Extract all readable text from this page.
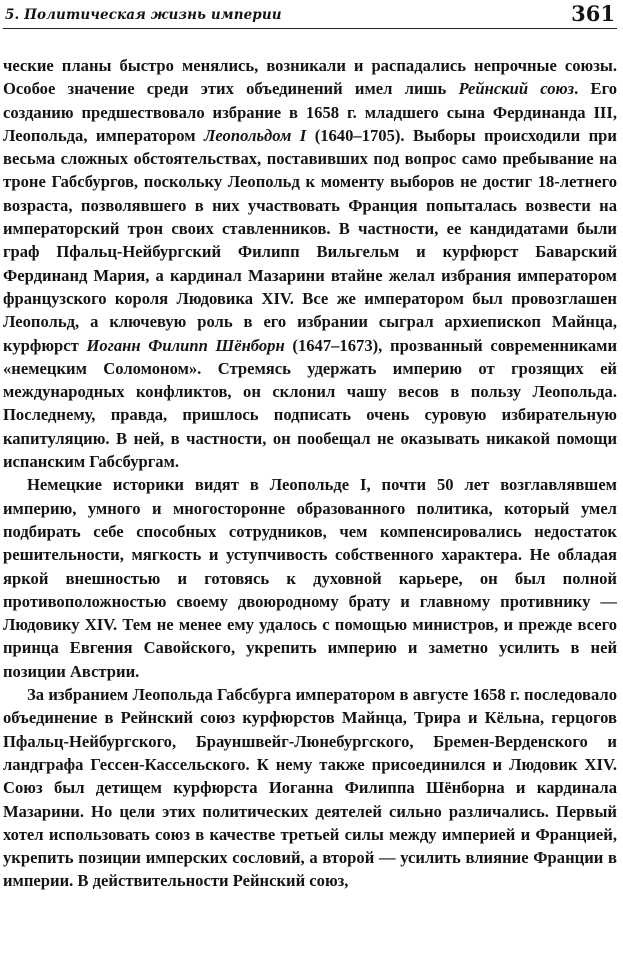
5. Политическая жизнь империи	361

ческие планы быстро менялись, возникали и распадались непрочные союзы. Особое значение среди этих объединений имел лишь Рейнский союз. Его созданию предшествовало избрание в 1658 г. младшего сына Фердинанда III, Леопольда, императором Леопольдом I (1640–1705). Выборы происходили при весьма сложных обстоятельствах, поставивших под вопрос само пребывание на троне Габсбургов, поскольку Леопольд к моменту выборов не достиг 18-летнего возраста, позволявшего в них участвовать Франция попыталась возвести на императорский трон своих ставленников. В частности, ее кандидатами были граф Пфальц-Нейбургский Филипп Вильгельм и курфюрст Баварский Фердинанд Мария, а кардинал Мазарини втайне желал избрания императором французского короля Людовика XIV. Все же императором был провозглашен Леопольд, а ключевую роль в его избрании сыграл архиепископ Майнца, курфюрст Иоганн Филипп Шёнборн (1647–1673), прозванный современниками «немецким Соломоном». Стремясь удержать империю от грозящих ей международных конфликтов, он склонил чашу весов в пользу Леопольда. Последнему, правда, пришлось подписать очень суровую избирательную капитуляцию. В ней, в частности, он пообещал не оказывать никакой помощи испанским Габсбургам.

Немецкие историки видят в Леопольде I, почти 50 лет возглавлявшем империю, умного и многосторонне образованного политика, который умел подбирать себе способных сотрудников, чем компенсировались недостаток решительности, мягкость и уступчивость собственного характера. Не обладая яркой внешностью и готовясь к духовной карьере, он был полной противоположностью своему двоюродному брату и главному противнику — Людовику XIV. Тем не менее ему удалось с помощью министров, и прежде всего принца Евгения Савойского, укрепить империю и заметно усилить в ней позиции Австрии.

За избранием Леопольда Габсбурга императором в августе 1658 г. последовало объединение в Рейнский союз курфюрстов Майнца, Трира и Кёльна, герцогов Пфальц-Нейбургского, Брауншвейг-Люнебургского, Бремен-Верденского и ландграфа Гессен-Кассельского. К нему также присоединился и Людовик XIV. Союз был детищем курфюрста Иоганна Филиппа Шёнборна и кардинала Мазарини. Но цели этих политических деятелей сильно различались. Первый хотел использовать союз в качестве третьей силы между империей и Францией, укрепить позиции имперских сословий, а второй — усилить влияние Франции в империи. В действительности Рейнский союз,
